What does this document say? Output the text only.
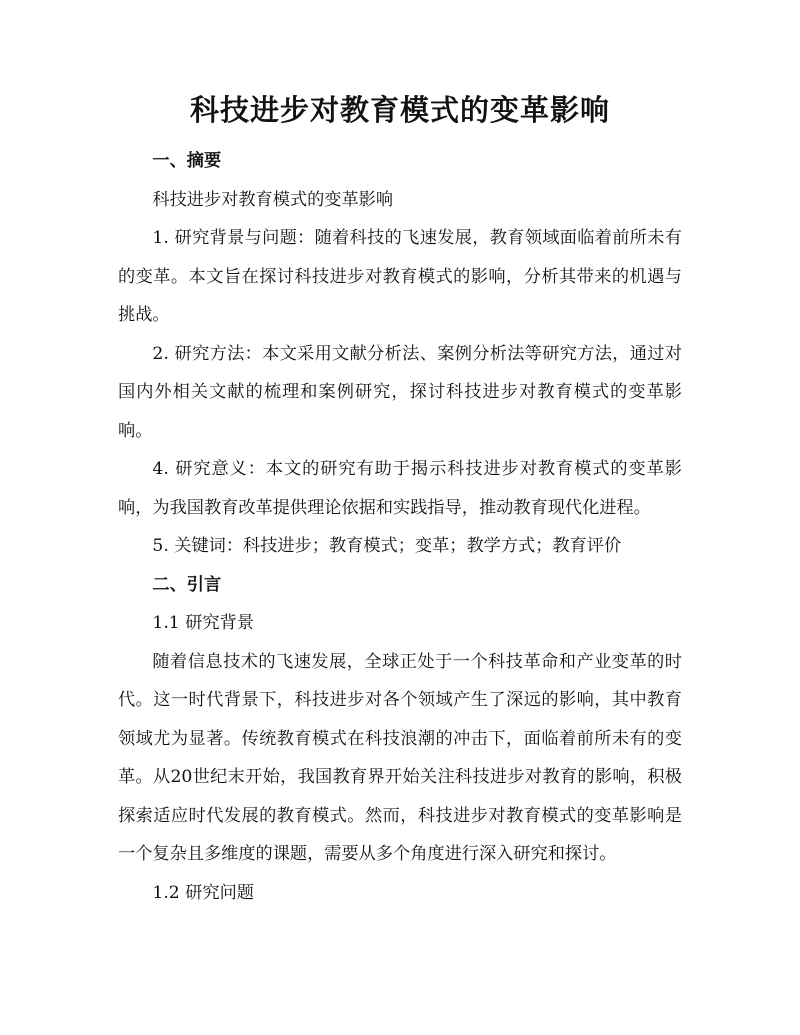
科技进步对教育模式的变革影响

一、摘要

科技进步对教育模式的变革影响

1. 研究背景与问题：随着科技的飞速发展，教育领域面临着前所未有的变革。本文旨在探讨科技进步对教育模式的影响，分析其带来的机遇与挑战。

2. 研究方法：本文采用文献分析法、案例分析法等研究方法，通过对国内外相关文献的梳理和案例研究，探讨科技进步对教育模式的变革影响。

4. 研究意义：本文的研究有助于揭示科技进步对教育模式的变革影响，为我国教育改革提供理论依据和实践指导，推动教育现代化进程。

5. 关键词：科技进步；教育模式；变革；教学方式；教育评价

二、引言

1.1 研究背景

随着信息技术的飞速发展，全球正处于一个科技革命和产业变革的时代。这一时代背景下，科技进步对各个领域产生了深远的影响，其中教育领域尤为显著。传统教育模式在科技浪潮的冲击下，面临着前所未有的变革。从20世纪末开始，我国教育界开始关注科技进步对教育的影响，积极探索适应时代发展的教育模式。然而，科技进步对教育模式的变革影响是一个复杂且多维度的课题，需要从多个角度进行深入研究和探讨。

1.2 研究问题
